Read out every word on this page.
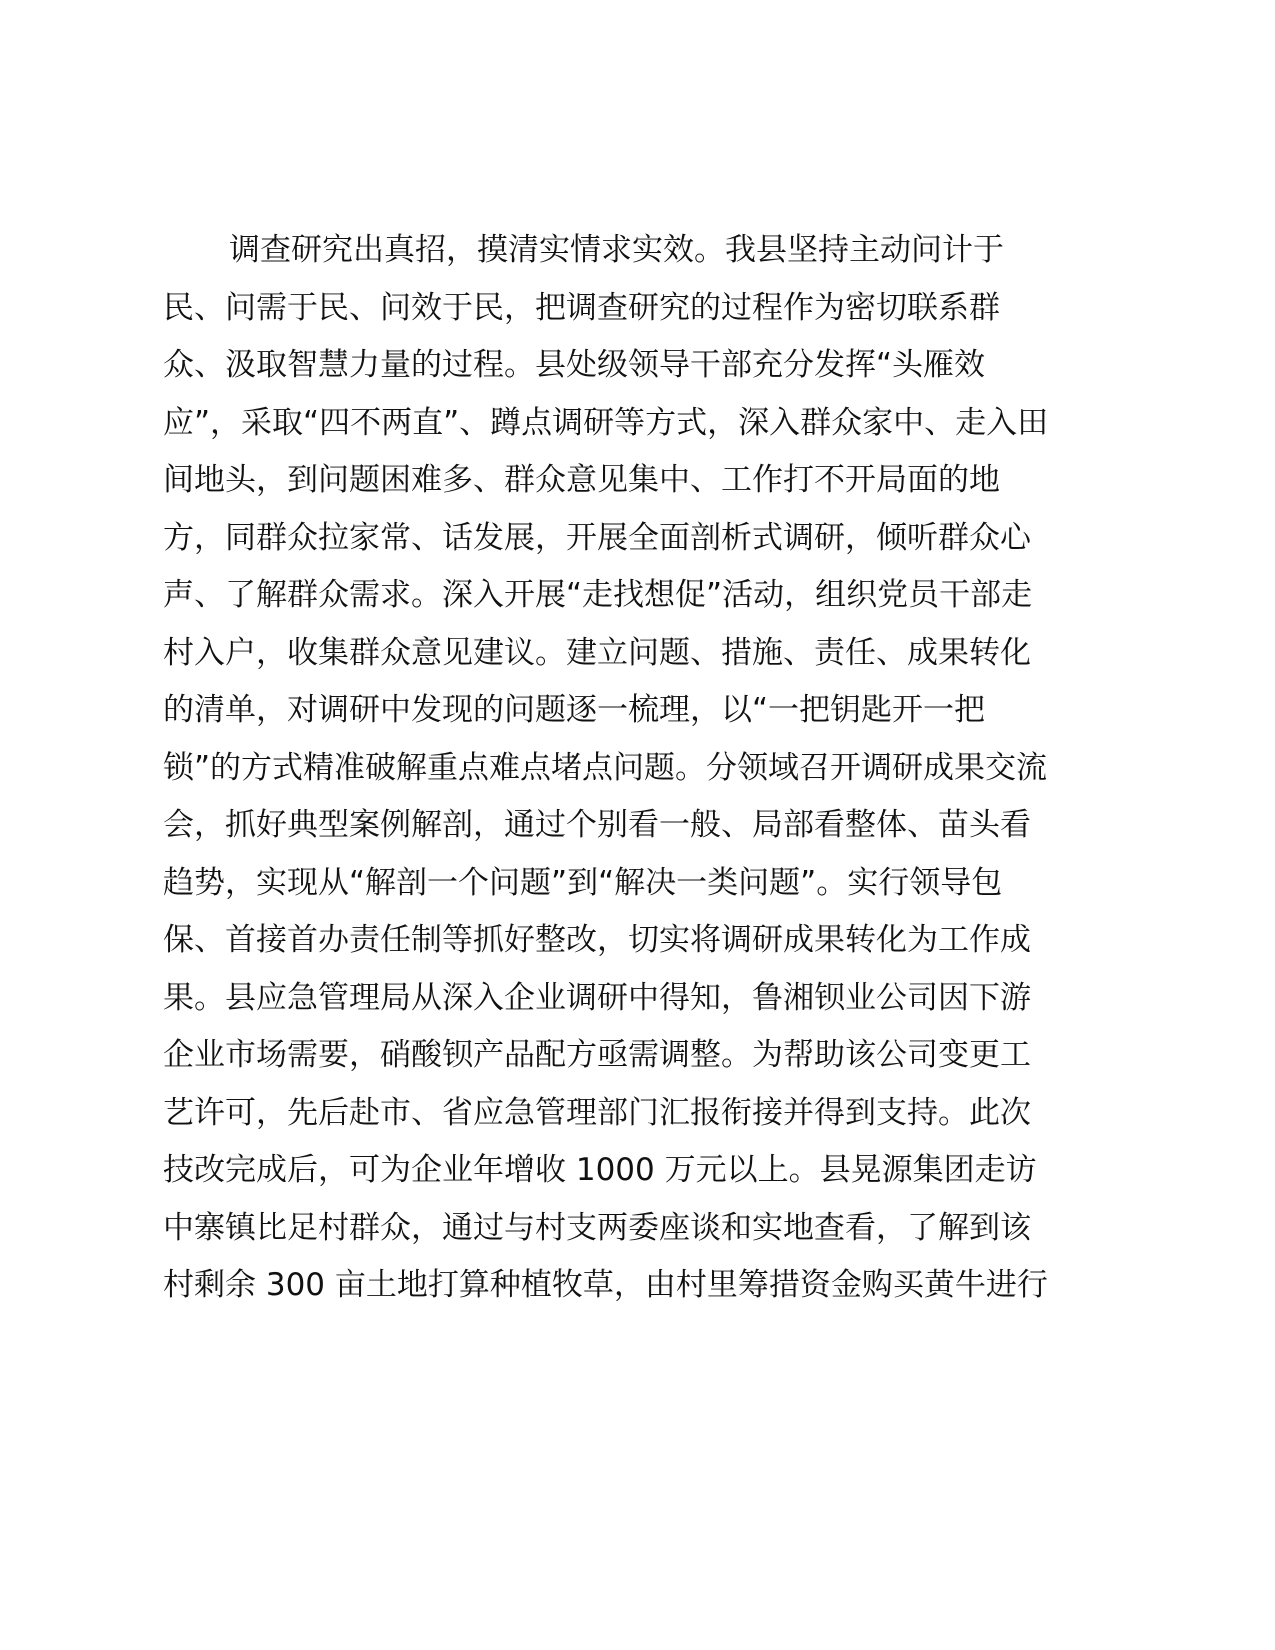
调查研究出真招，摸清实情求实效。我县坚持主动问计于
民、问需于民、问效于民，把调查研究的过程作为密切联系群
众、汲取智慧力量的过程。县处级领导干部充分发挥“头雁效
应”，采取“四不两直”、蹲点调研等方式，深入群众家中、走入田
间地头，到问题困难多、群众意见集中、工作打不开局面的地
方，同群众拉家常、话发展，开展全面剖析式调研，倾听群众心
声、了解群众需求。深入开展“走找想促”活动，组织党员干部走
村入户，收集群众意见建议。建立问题、措施、责任、成果转化
的清单，对调研中发现的问题逐一梳理，以“一把钥匙开一把
锁”的方式精准破解重点难点堵点问题。分领域召开调研成果交流
会，抓好典型案例解剖，通过个别看一般、局部看整体、苗头看
趋势，实现从“解剖一个问题”到“解决一类问题”。实行领导包
保、首接首办责任制等抓好整改，切实将调研成果转化为工作成
果。县应急管理局从深入企业调研中得知，鲁湘钡业公司因下游
企业市场需要，硝酸钡产品配方亟需调整。为帮助该公司变更工
艺许可，先后赴市、省应急管理部门汇报衔接并得到支持。此次
技改完成后，可为企业年增收 1000 万元以上。县晃源集团走访
中寨镇比足村群众，通过与村支两委座谈和实地查看，了解到该
村剩余 300 亩土地打算种植牧草，由村里筹措资金购买黄牛进行
